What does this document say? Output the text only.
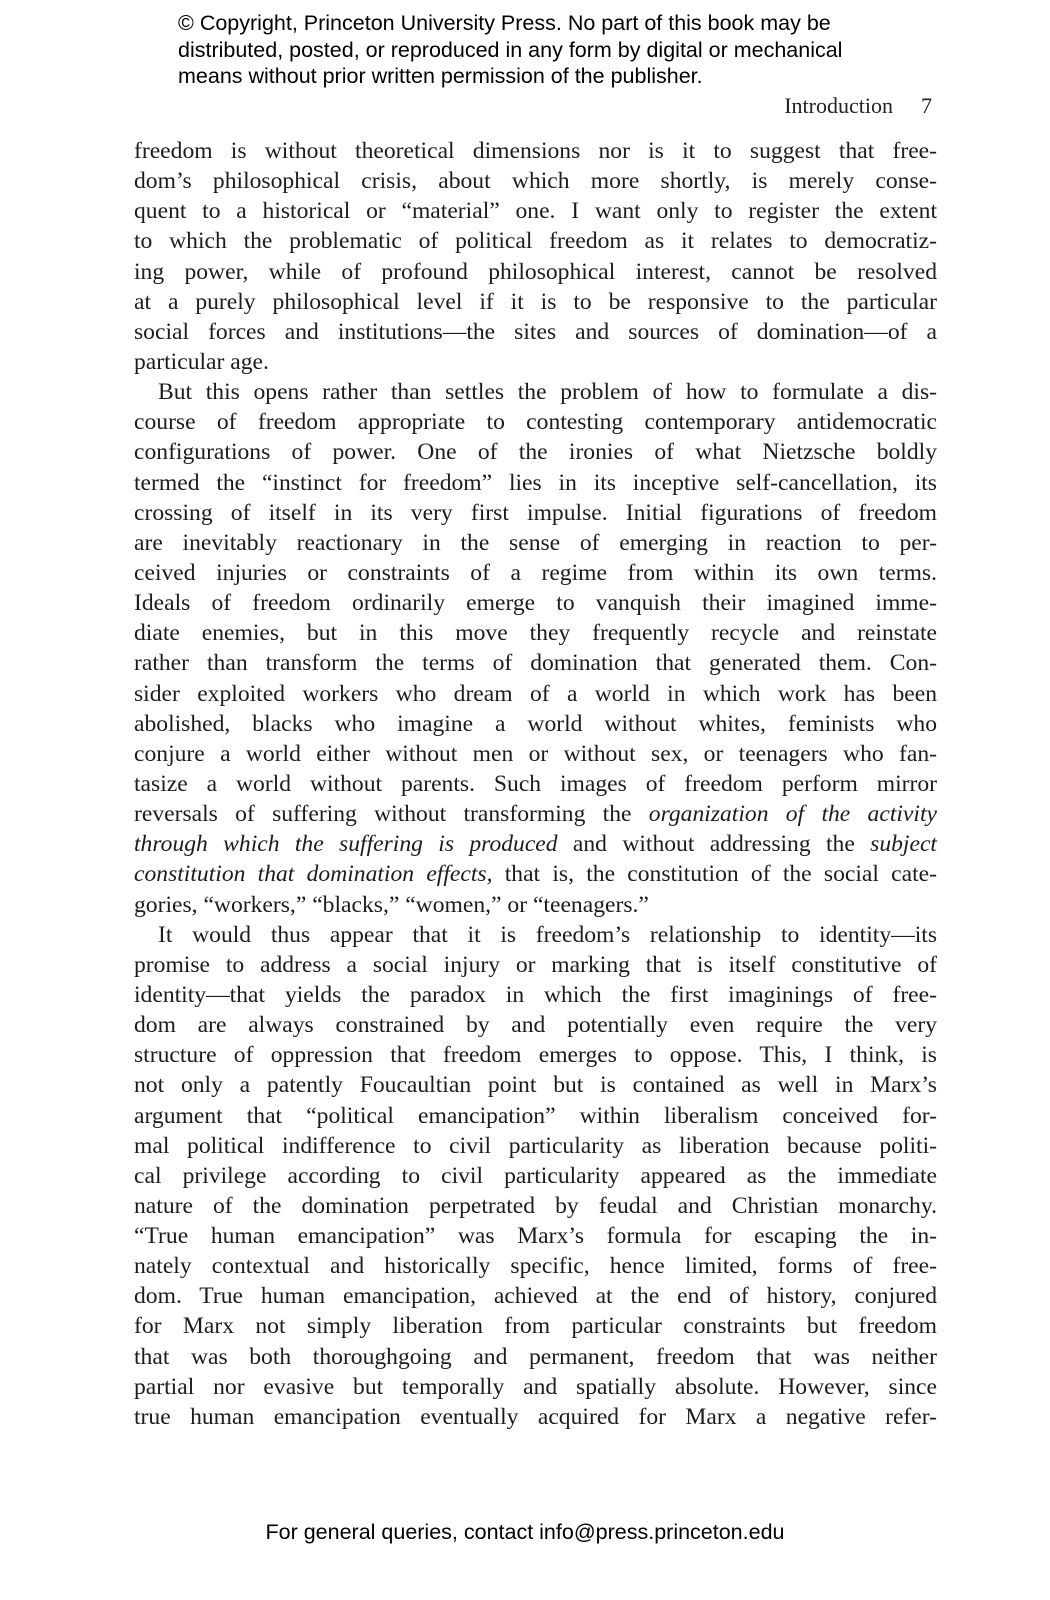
© Copyright, Princeton University Press. No part of this book may be
distributed, posted, or reproduced in any form by digital or mechanical
means without prior written permission of the publisher.
Introduction 7
freedom is without theoretical dimensions nor is it to suggest that free-
dom’s philosophical crisis, about which more shortly, is merely conse-
quent to a historical or “material” one. I want only to register the extent
to which the problematic of political freedom as it relates to democratiz-
ing power, while of profound philosophical interest, cannot be resolved
at a purely philosophical level if it is to be responsive to the particular
social forces and institutions—the sites and sources of domination—of a
particular age.
But this opens rather than settles the problem of how to formulate a dis-
course of freedom appropriate to contesting contemporary antidemocratic
configurations of power. One of the ironies of what Nietzsche boldly
termed the “instinct for freedom” lies in its inceptive self-cancellation, its
crossing of itself in its very first impulse. Initial figurations of freedom
are inevitably reactionary in the sense of emerging in reaction to per-
ceived injuries or constraints of a regime from within its own terms.
Ideals of freedom ordinarily emerge to vanquish their imagined imme-
diate enemies, but in this move they frequently recycle and reinstate
rather than transform the terms of domination that generated them. Con-
sider exploited workers who dream of a world in which work has been
abolished, blacks who imagine a world without whites, feminists who
conjure a world either without men or without sex, or teenagers who fan-
tasize a world without parents. Such images of freedom perform mirror
reversals of suffering without transforming the organization of the activity
through which the suffering is produced and without addressing the subject
constitution that domination effects, that is, the constitution of the social cate-
gories, “workers,” “blacks,” “women,” or “teenagers.”
It would thus appear that it is freedom’s relationship to identity—its
promise to address a social injury or marking that is itself constitutive of
identity—that yields the paradox in which the first imaginings of free-
dom are always constrained by and potentially even require the very
structure of oppression that freedom emerges to oppose. This, I think, is
not only a patently Foucaultian point but is contained as well in Marx’s
argument that “political emancipation” within liberalism conceived for-
mal political indifference to civil particularity as liberation because politi-
cal privilege according to civil particularity appeared as the immediate
nature of the domination perpetrated by feudal and Christian monarchy.
“True human emancipation” was Marx’s formula for escaping the in-
nately contextual and historically specific, hence limited, forms of free-
dom. True human emancipation, achieved at the end of history, conjured
for Marx not simply liberation from particular constraints but freedom
that was both thoroughgoing and permanent, freedom that was neither
partial nor evasive but temporally and spatially absolute. However, since
true human emancipation eventually acquired for Marx a negative refer-
For general queries, contact info@press.princeton.edu
